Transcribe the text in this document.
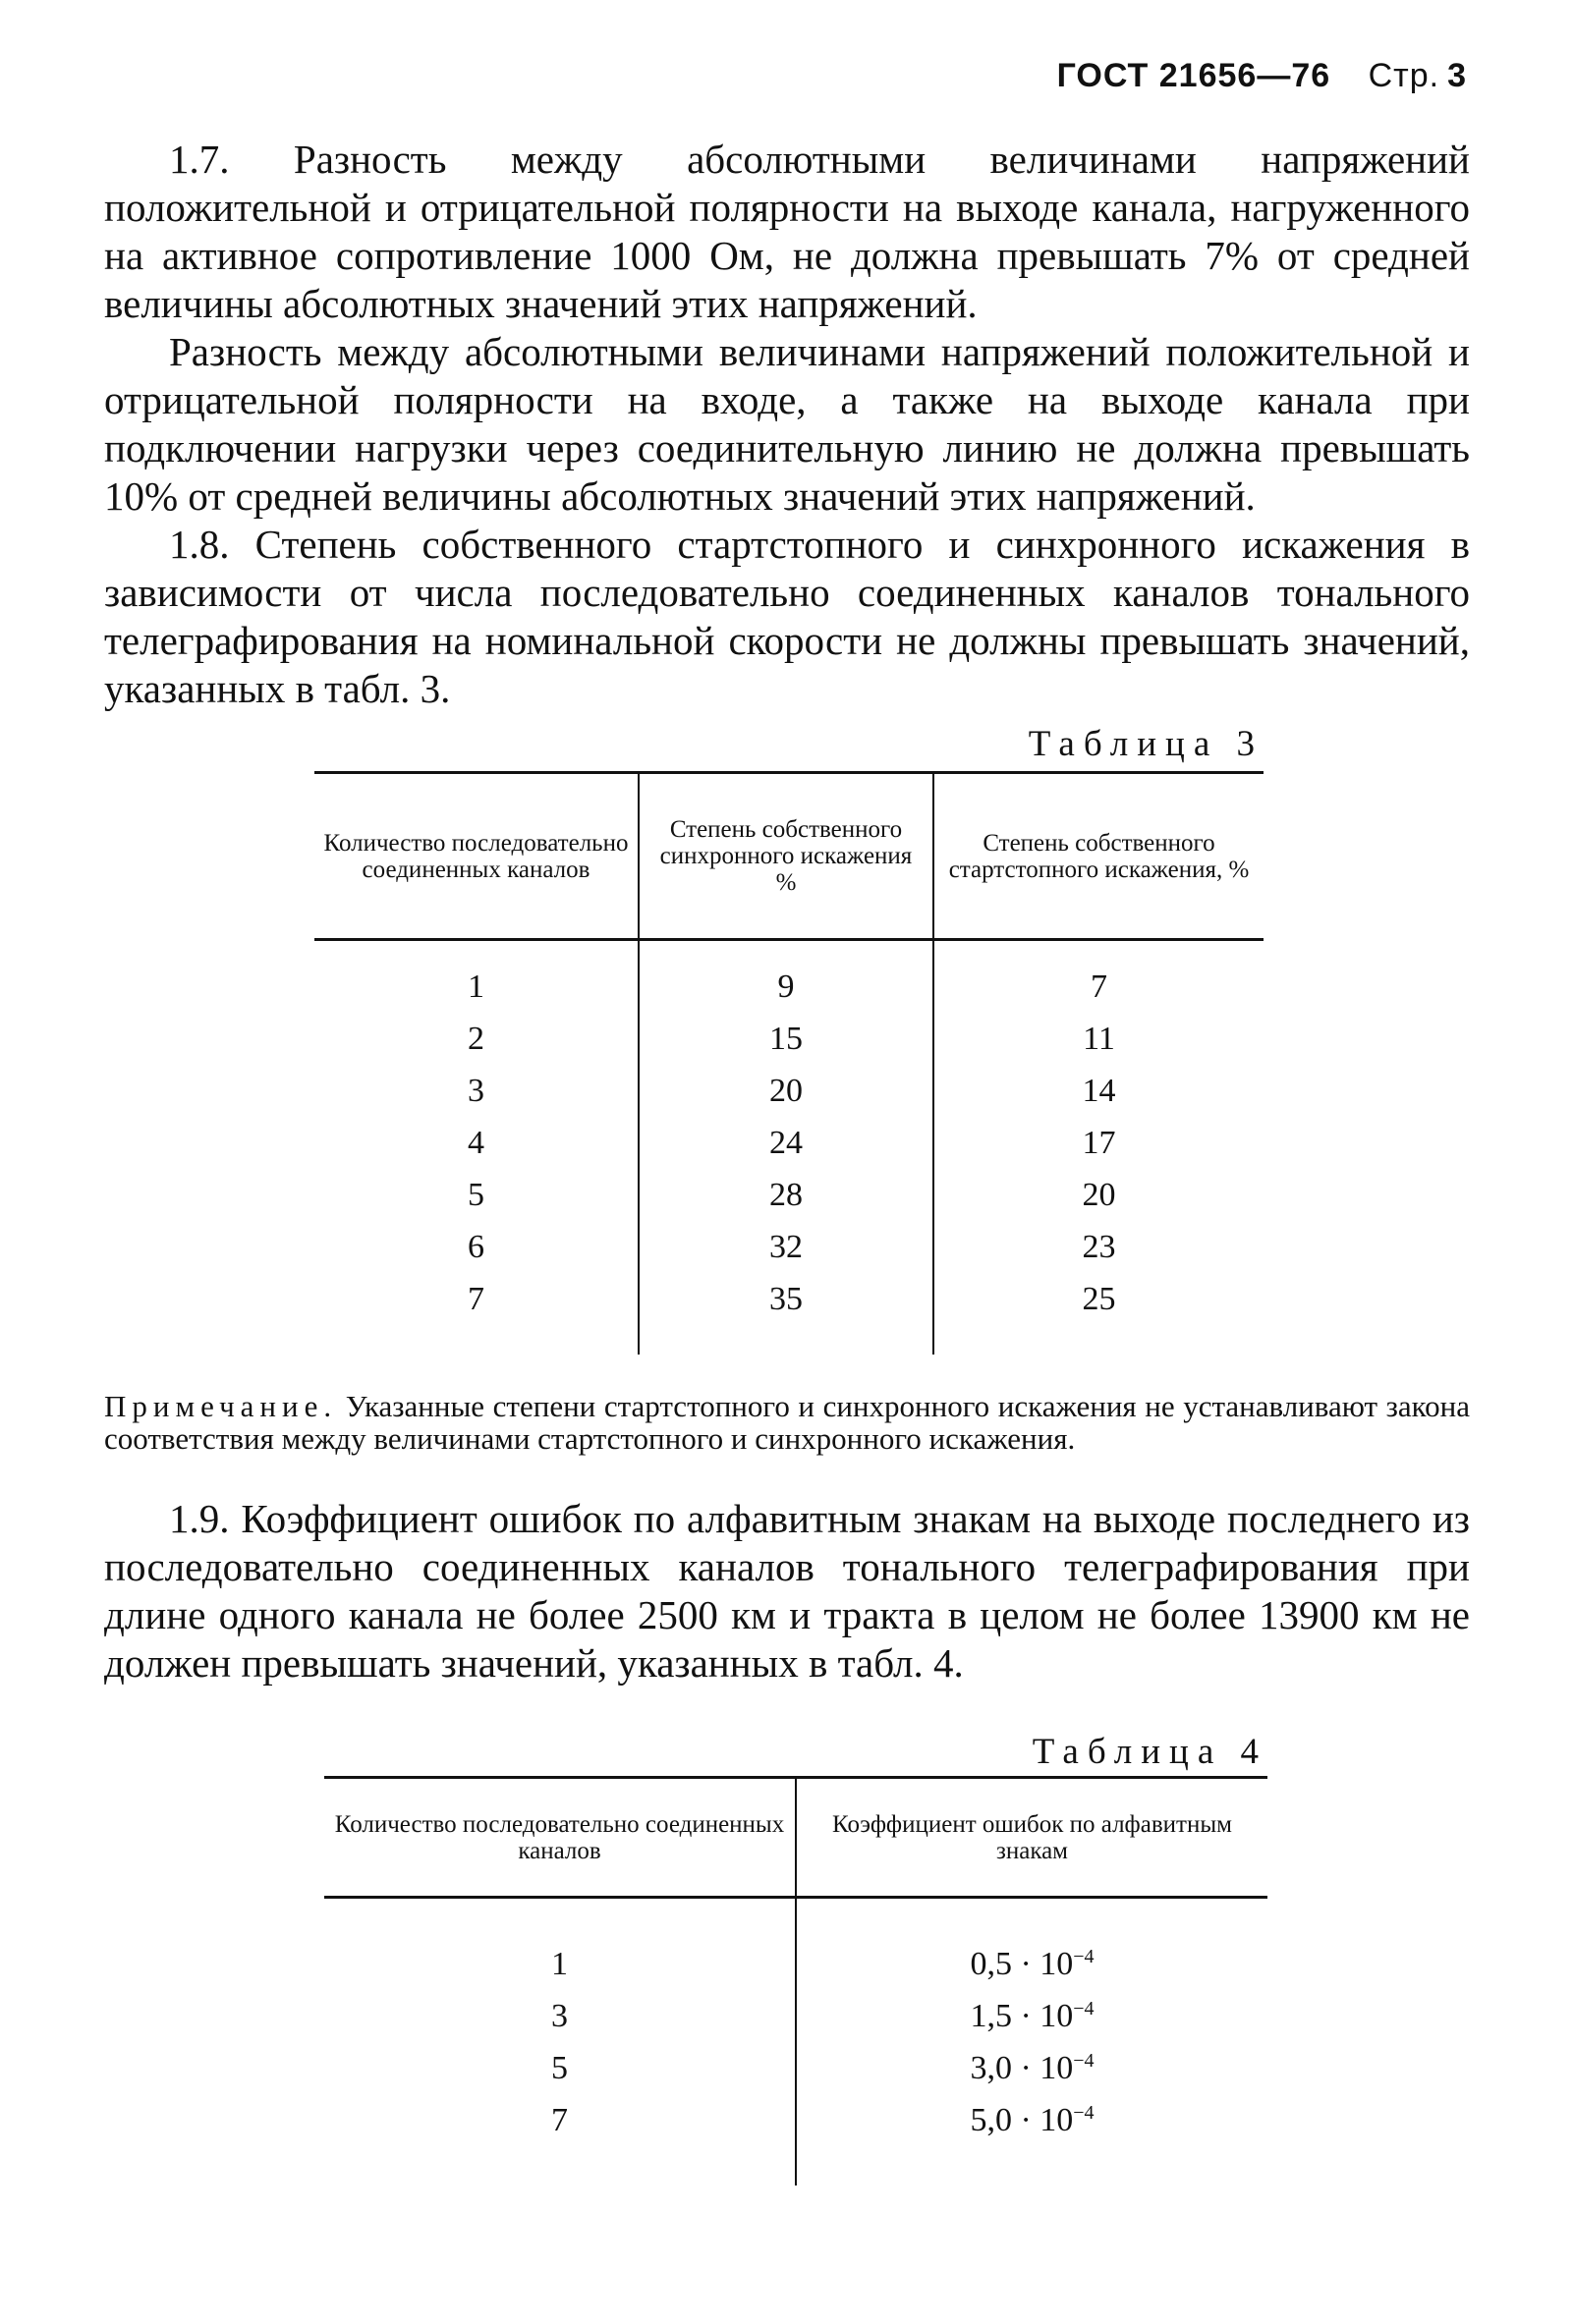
ГОСТ 21656—76 Стр. 3

1.7. Разность между абсолютными величинами напряжений положительной и отрицательной полярности на выходе канала, нагруженного на активное сопротивление 1000 Ом, не должна превышать 7% от средней величины абсолютных значений этих напряжений.

Разность между абсолютными величинами напряжений положительной и отрицательной полярности на входе, а также на выходе канала при подключении нагрузки через соединительную линию не должна превышать 10% от средней величины абсолютных значений этих напряжений.

1.8. Степень собственного стартстопного и синхронного искажения в зависимости от числа последовательно соединенных каналов тонального телеграфирования на номинальной скорости не должны превышать значений, указанных в табл. 3.

Таблица 3
Количество последовательно соединенных каналов	Степень собственного синхронного искажения %	Степень собственного стартстопного искажения, %
1	9	7
2	15	11
3	20	14
4	24	17
5	28	20
6	32	23
7	35	25

Примечание. Указанные степени стартстопного и синхронного искажения не устанавливают закона соответствия между величинами стартстопного и синхронного искажения.

1.9. Коэффициент ошибок по алфавитным знакам на выходе последнего из последовательно соединенных каналов тонального телеграфирования при длине одного канала не более 2500 км и тракта в целом не более 13900 км не должен превышать значений, указанных в табл. 4.

Таблица 4
Количество последовательно соединенных каналов	Коэффициент ошибок по алфавитным знакам

1	$0,5 \cdot 10^{-4}$
3	$1,5 \cdot 10^{-4}$
5	$3,0 \cdot 10^{-4}$
7	$5,0 \cdot 10^{-4}$
